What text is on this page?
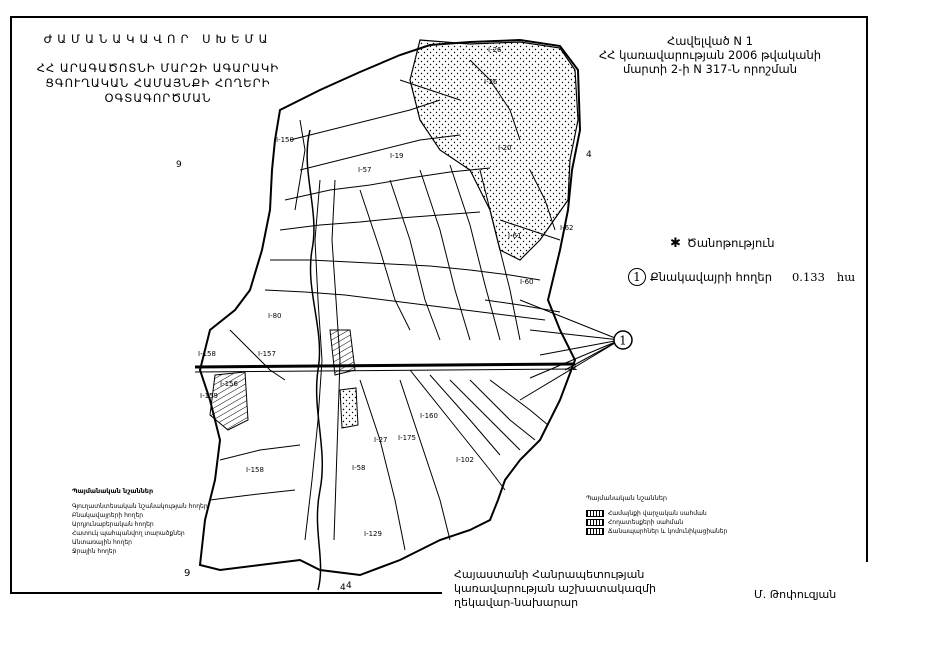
ԺԱՄԱՆԱԿԱՎՈՐ ՍԽԵՄԱ
ՀՀ ԱՐԱԳԱԾՈՏՆԻ ՄԱՐԶԻ ԱԳԱՐԱԿԻ
ՑԳՈՒՂԱԿԱՆ ՀԱՄԱՅՆՔԻ ՀՈՂԵՐԻ
ՕԳՏԱԳՈՐԾՄԱՆ
Հավելված N 1
ՀՀ կառավարության 2006 թվականի
մարտի 2-ի N 317-Ն որոշման
✱ Ծանոթություն
1 Քնակավայրի հողեր 0.133 հա
1
I-26
I-26
I-150
I-19
I-20
I-57
I-61
I-62
I-60
I-80
I-158	I-157
I-156
I-159
I-160
I-175
I-102
I-158
I-129
I-58
I-27
9
4
4
9
1
4
Պայմանական նշաններ
Գյուղատնտեսական նշանակության հողեր
Բնակավայրերի հողեր
Արդյունաբերական հողեր
Հատուկ պահպանվող տարածքներ
Անտառային հողեր
Ջրային հողեր
Պայմանական նշաններ
Համայնքի վարչական սահման
Հողատեսքերի սահման
Ճանապարհներ և կոմունիկացիաներ
Հայաստանի Հանրապետության
կառավարության աշխատակազմի
ղեկավար-նախարար
Մ. Թոփուզյան
